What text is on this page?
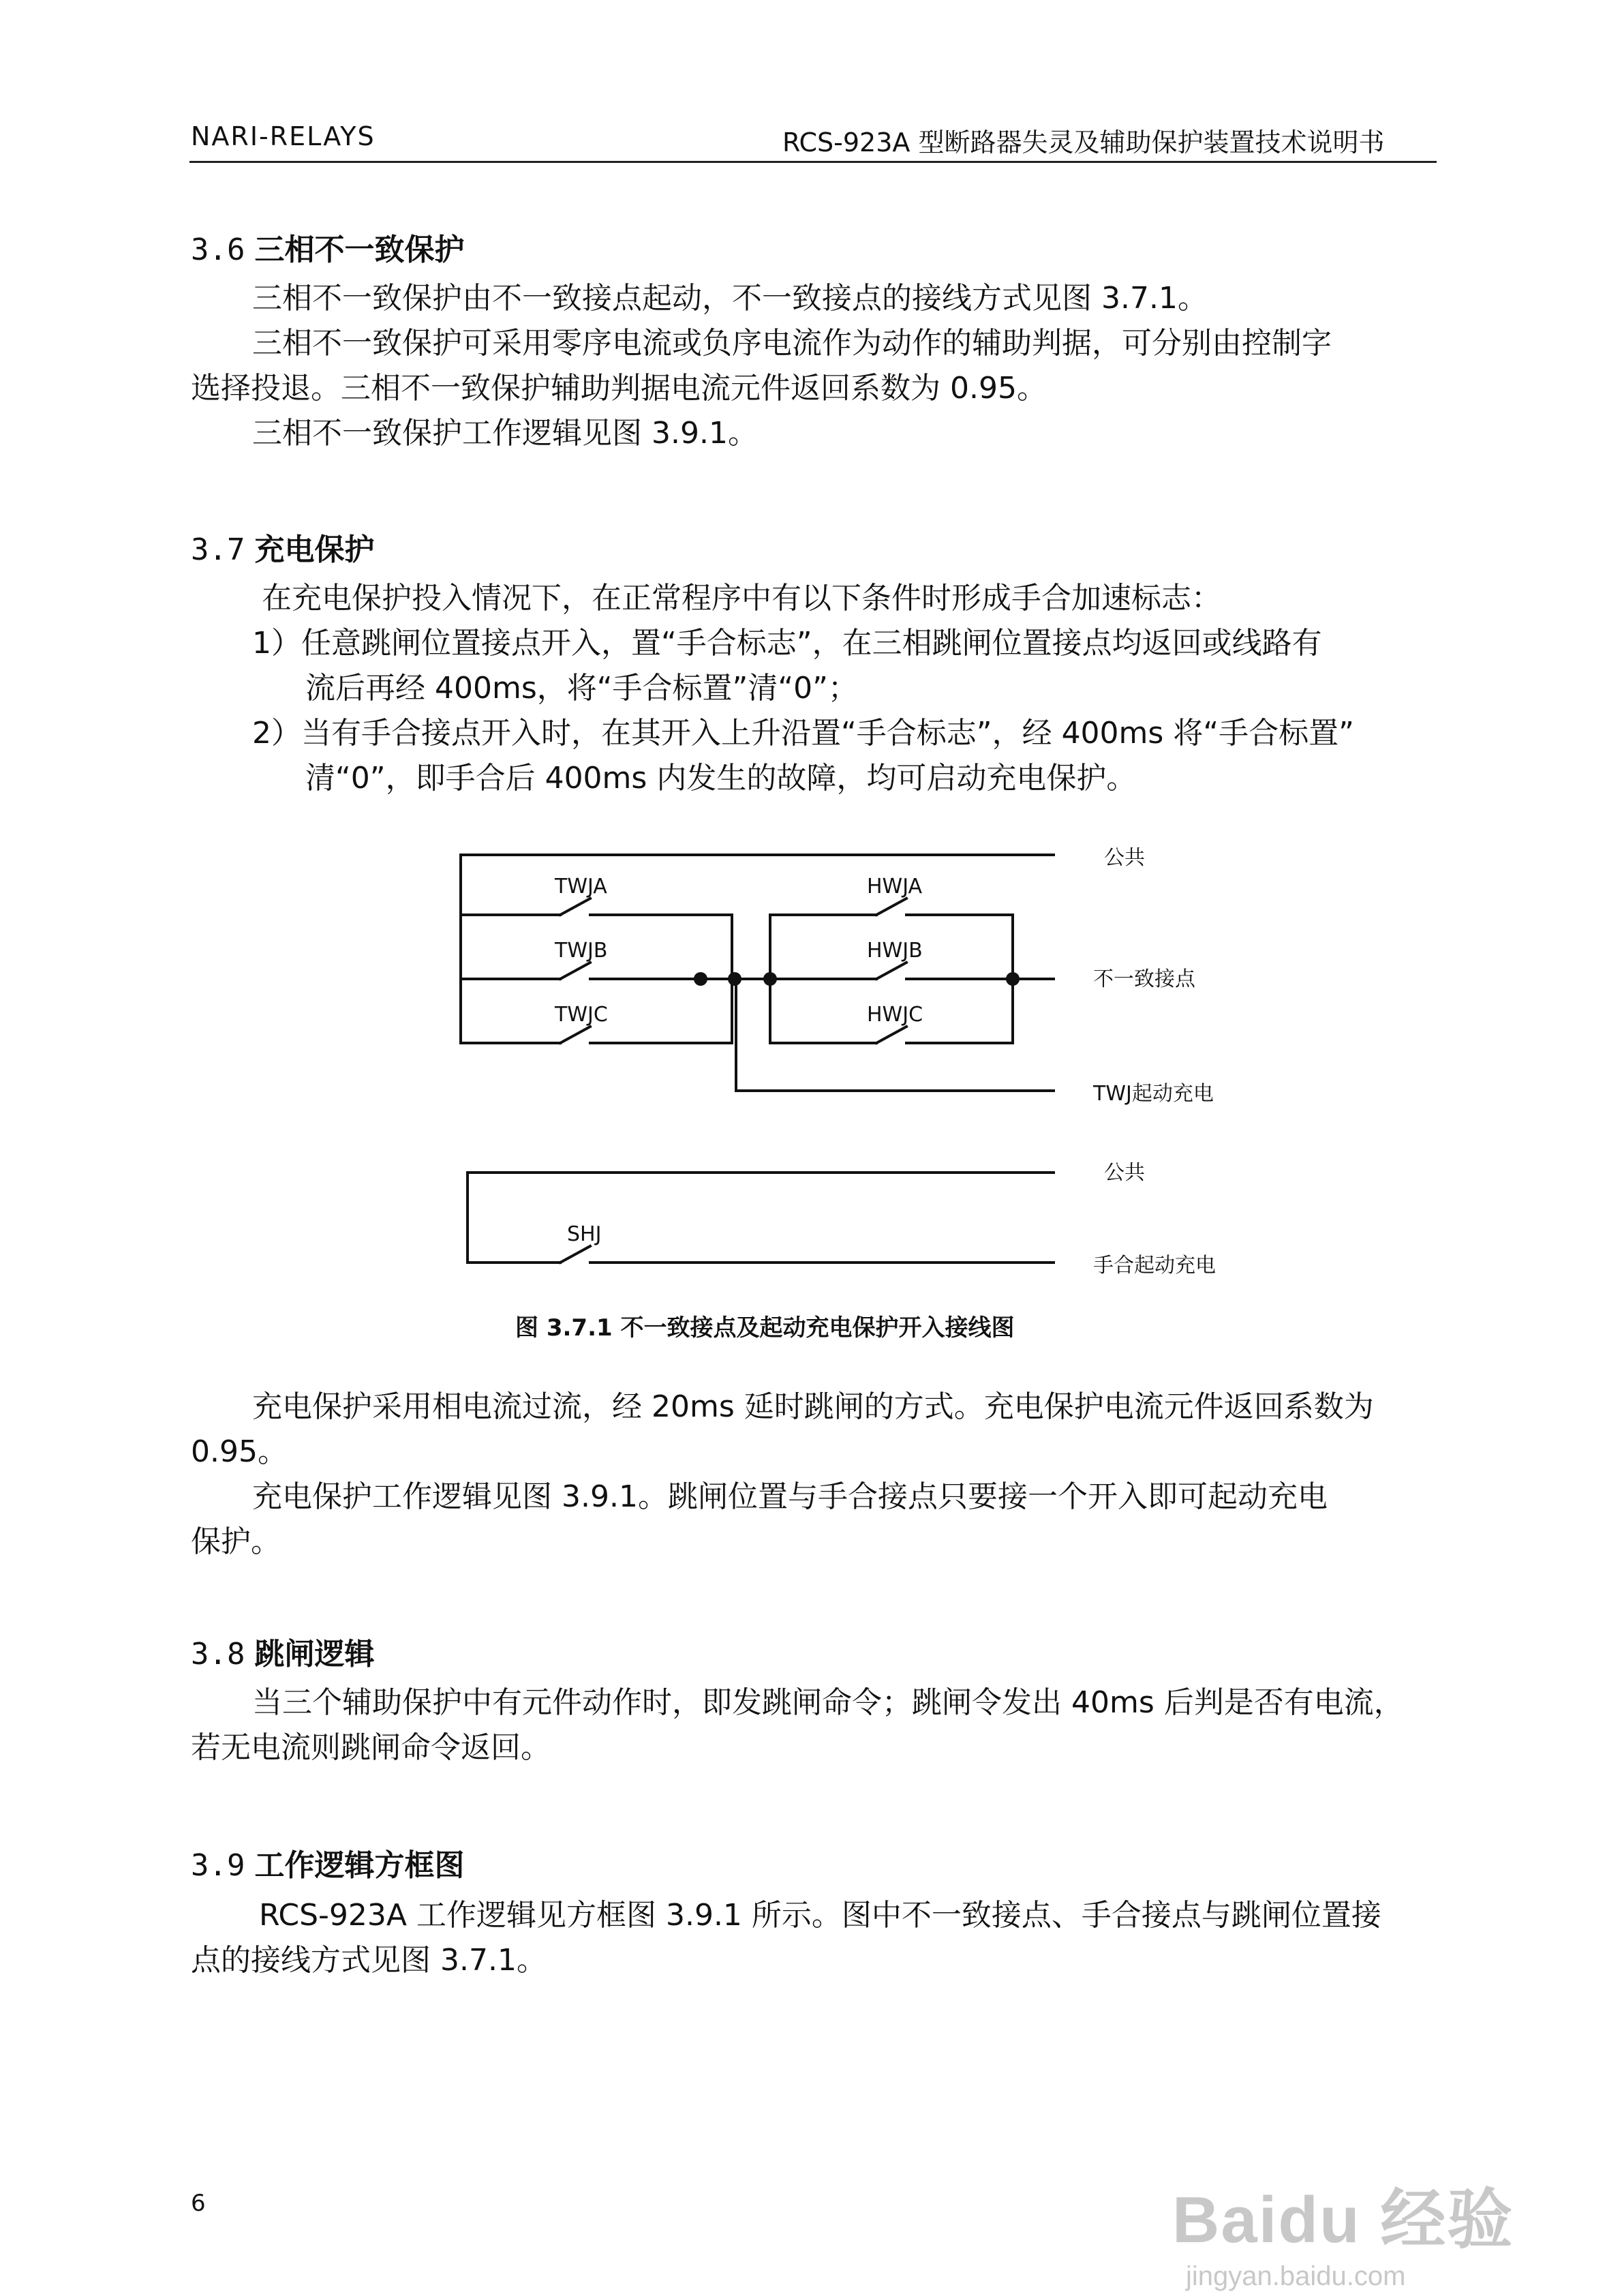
NARI-RELAYS	RCS-923A 型断路器失灵及辅助保护装置技术说明书
3.6 三相不一致保护
三相不一致保护由不一致接点起动，不一致接点的接线方式见图 3.7.1。
三相不一致保护可采用零序电流或负序电流作为动作的辅助判据，可分别由控制字
选择投退。三相不一致保护辅助判据电流元件返回系数为 0.95。
三相不一致保护工作逻辑见图 3.9.1。
3.7 充电保护
在充电保护投入情况下，在正常程序中有以下条件时形成手合加速标志：
1）任意跳闸位置接点开入，置“手合标志”，在三相跳闸位置接点均返回或线路有
流后再经 400ms，将“手合标置”清“0”；
2）当有手合接点开入时，在其开入上升沿置“手合标志”，经 400ms 将“手合标置”
清“0”，即手合后 400ms 内发生的故障，均可启动充电保护。
TWJA
TWJB
TWJC
HWJA
HWJB
HWJC
SHJ
公共
不一致接点
TWJ起动充电
公共
手合起动充电
图 3.7.1 不一致接点及起动充电保护开入接线图
充电保护采用相电流过流，经 20ms 延时跳闸的方式。充电保护电流元件返回系数为
0.95。
充电保护工作逻辑见图 3.9.1。跳闸位置与手合接点只要接一个开入即可起动充电
保护。
3.8 跳闸逻辑
当三个辅助保护中有元件动作时，即发跳闸命令；跳闸令发出 40ms 后判是否有电流，
若无电流则跳闸命令返回。
3.9 工作逻辑方框图
RCS-923A 工作逻辑见方框图 3.9.1 所示。图中不一致接点、手合接点与跳闸位置接
点的接线方式见图 3.7.1。
6	Baidu 经验
jingyan.baidu.com
